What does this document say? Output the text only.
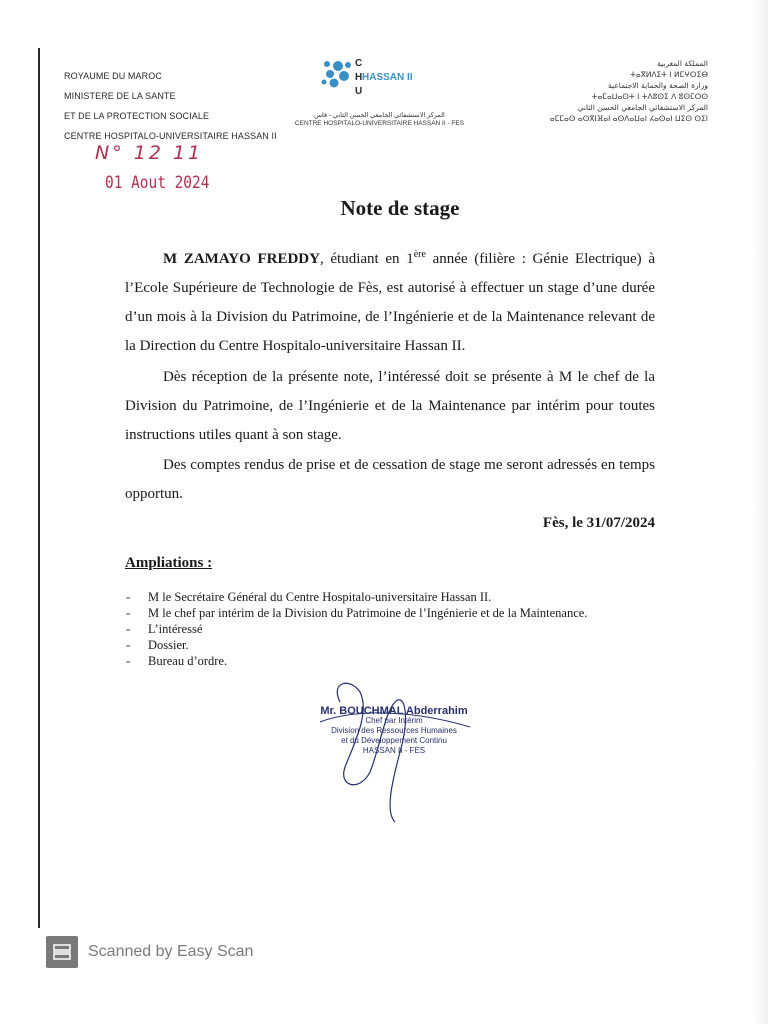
ROYAUME DU MAROC
MINISTERE DE LA SANTE
ET DE LA PROTECTION SOCIALE
CENTRE HOSPITALO-UNIVERSITAIRE HASSAN II
C
H HASSAN II
U
المركز الاستشفائي الجامعي الحسن الثاني - فاس
CENTRE HOSPITALO-UNIVERSITAIRE HASSAN II - FES
المملكة المغربية
ⵜⴰⴳⵍⴷⵉⵜ ⵏ ⵍⵎⵖⵔⵉⴱ
وزارة الصحة والحماية الاجتماعية
ⵜⴰⵎⴰⵡⴰⵙⵜ ⵏ ⵜⴷⵓⵙⵉ ⴷ ⵓⵙⵎⵔⵙ
المركز الاستشفائي الجامعي الحسن الثاني
ⴰⵎⵎⴰⵙ ⴰⵙⴳⵏⴼⴰⵏ ⴰⵙⴷⴰⵡⴰⵏ ⵃⴰⵙⴰⵏ ⵡⵉⵙ ⵙⵉⵏ
N° 12 11
01 Aout 2024
Note de stage
M ZAMAYO FREDDY, étudiant en 1ère année (filière : Génie Electrique) à l’Ecole Supérieure de Technologie de Fès, est autorisé à effectuer un stage d’une durée d’un mois à la Division du Patrimoine, de l’Ingénierie et de la Maintenance relevant de la Direction du Centre Hospitalo-universitaire Hassan II.
Dès réception de la présente note, l’intéressé doit se présente à M le chef de la Division du Patrimoine, de l’Ingénierie et de la Maintenance par intérim pour toutes instructions utiles quant à son stage.
Des comptes rendus de prise et de cessation de stage me seront adressés en temps opportun.
Fès, le 31/07/2024
Ampliations :
- M le Secrétaire Général du Centre Hospitalo-universitaire Hassan II.
- M le chef par intérim de la Division du Patrimoine de l’Ingénierie et de la Maintenance.
- L’intéressé
- Dossier.
- Bureau d’ordre.
Mr. BOUCHMAL Abderrahim
Chef par Intérim
Division des Ressources Humaines
et du Développement Continu
HASSAN II - FES
Scanned by Easy Scan
